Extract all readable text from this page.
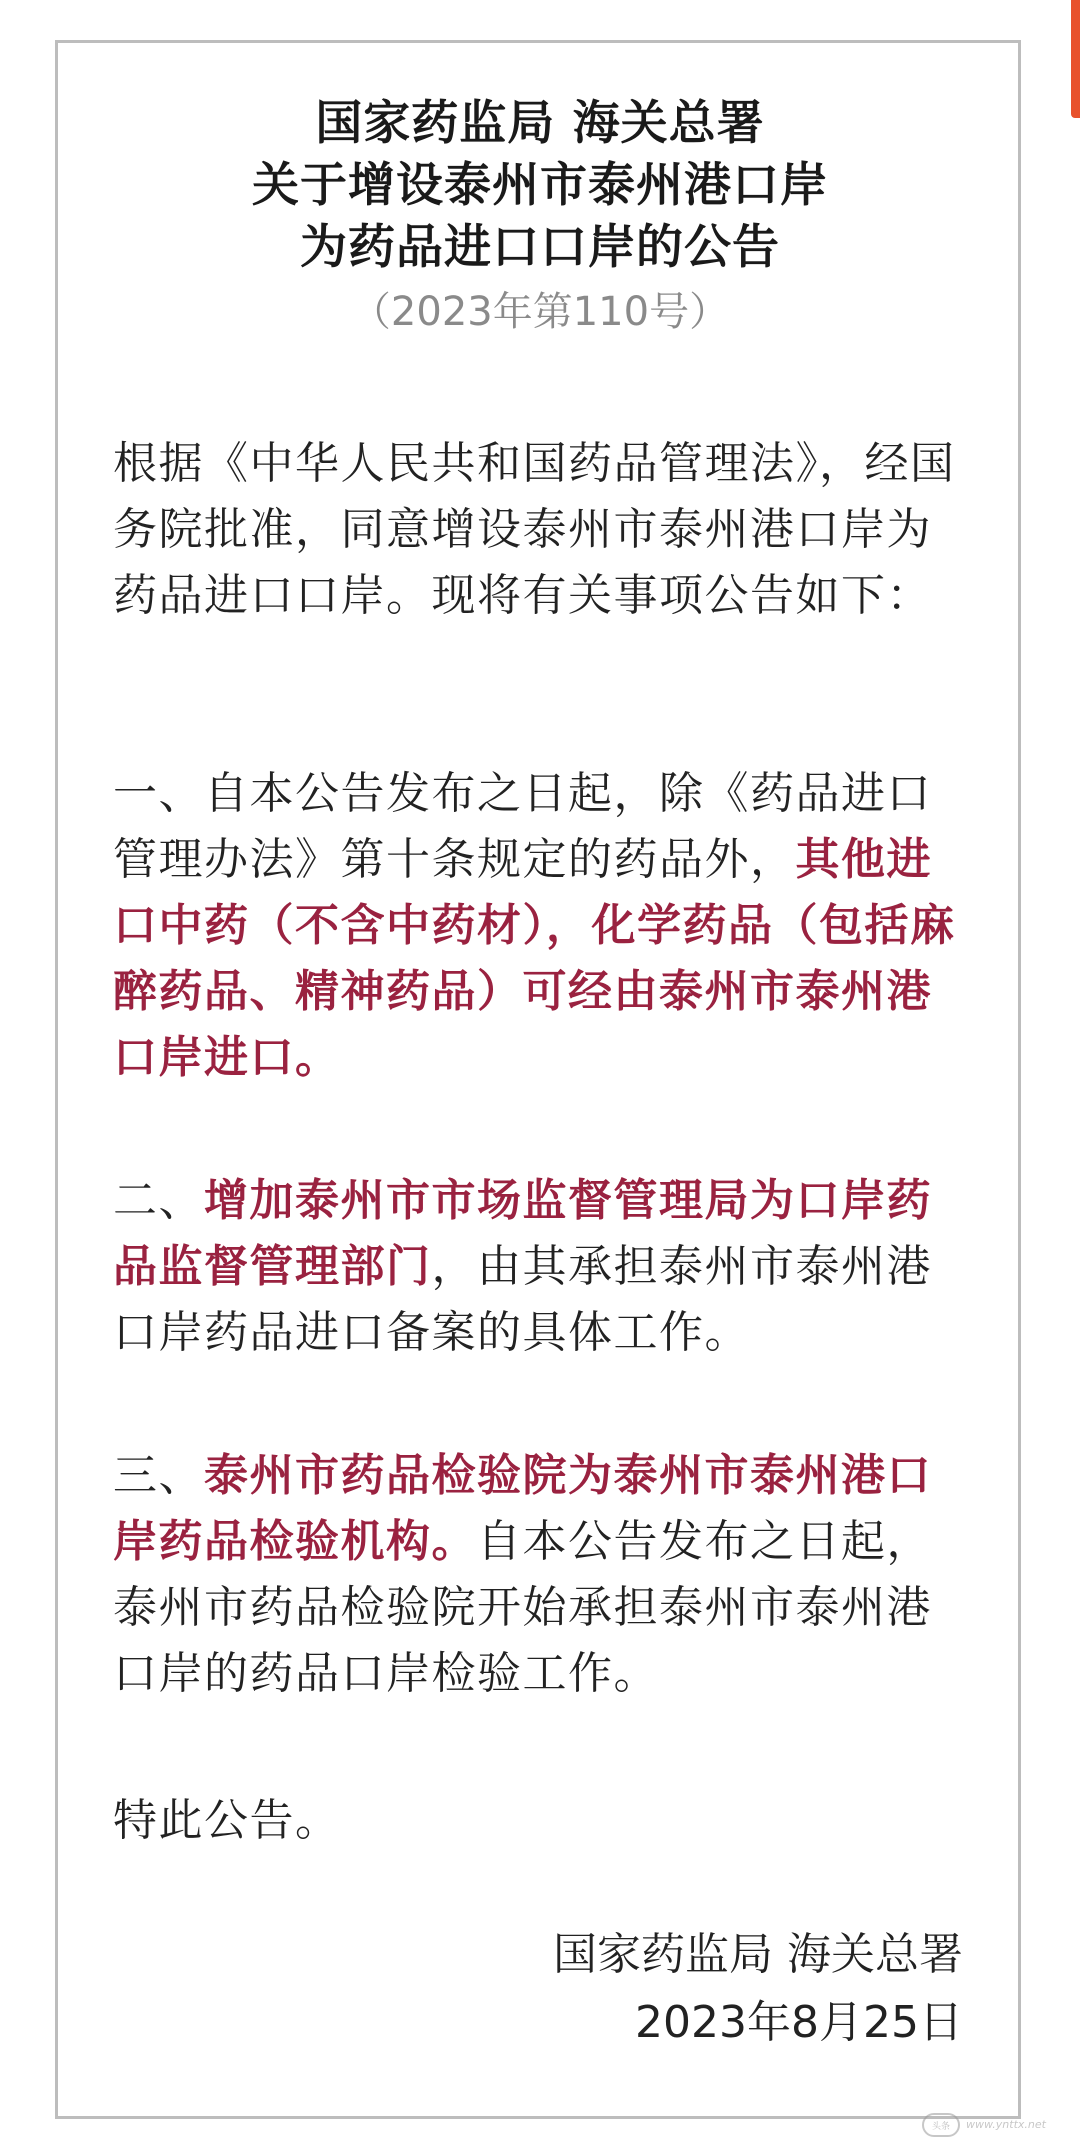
国家药监局 海关总署
关于增设泰州市泰州港口岸
为药品进口口岸的公告
（2023年第110号）
根据《中华人民共和国药品管理法》，经国务院批准，同意增设泰州市泰州港口岸为药品进口口岸。现将有关事项公告如下：
一、自本公告发布之日起，除《药品进口管理办法》第十条规定的药品外，其他进口中药（不含中药材），化学药品（包括麻醉药品、精神药品）可经由泰州市泰州港口岸进口。
二、增加泰州市市场监督管理局为口岸药品监督管理部门，由其承担泰州市泰州港口岸药品进口备案的具体工作。
三、泰州市药品检验院为泰州市泰州港口岸药品检验机构。自本公告发布之日起，泰州市药品检验院开始承担泰州市泰州港口岸的药品口岸检验工作。
特此公告。
国家药监局 海关总署
2023年8月25日
头条	www.ynttx.net
